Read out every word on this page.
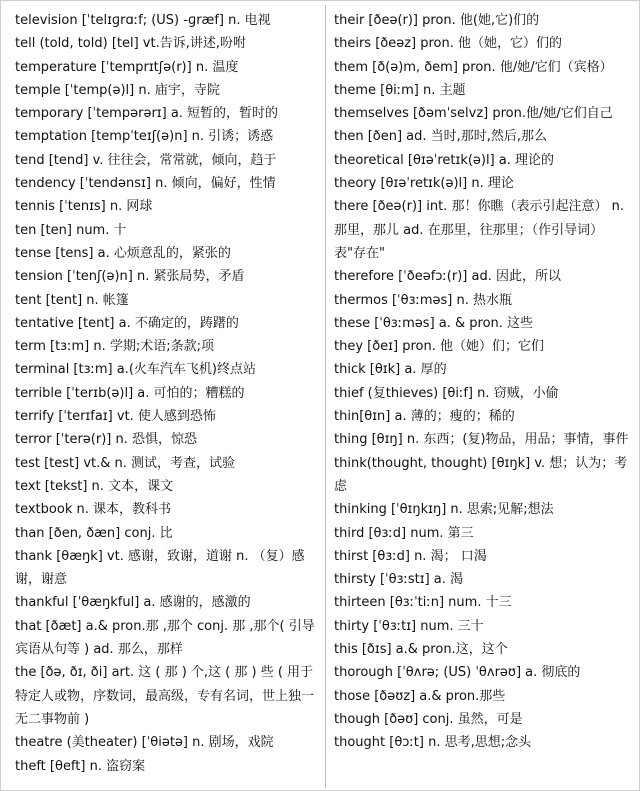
television [ˈtelɪɡrɑːf; (US) -ɡræf] n. 电视
tell (told, told) [tel] vt.告诉,讲述,吩咐
temperature [ˈtemprɪtʃə(r)] n. 温度
temple [ˈtemp(ə)l] n. 庙宇，寺院
temporary [ˈtempərərɪ] a. 短暂的，暂时的
temptation [tempˈteɪʃ(ə)n] n. 引诱；诱惑
tend [tend] v. 往往会，常常就，倾向，趋于
tendency [ˈtendənsɪ] n. 倾向，偏好，性情
tennis [ˈtenɪs] n. 网球
ten [ten] num. 十
tense [tens] a. 心烦意乱的，紧张的
tension [ˈtenʃ(ə)n] n. 紧张局势，矛盾
tent [tent] n. 帐篷
tentative [tent] a. 不确定的，踌躇的
term [tɜːm] n. 学期;术语;条款;项
terminal [tɜːm] a.(火车汽车飞机)终点站
terrible [ˈterɪb(ə)l] a. 可怕的；糟糕的
terrify [ˈterɪfaɪ] vt. 使人感到恐怖
terror [ˈterə(r)] n. 恐惧，惊恐
test [test] vt.& n. 测试，考查，试验
text [tekst] n. 文本，课文
textbook n. 课本，教科书
than [ðen, ðæn] conj. 比
thank [θæŋk] vt. 感谢，致谢，道谢 n. （复）感谢，谢意
thankful [ˈθæŋkful] a. 感谢的，感激的
that [ðæt] a.& pron.那 ,那个 conj. 那 ,那个( 引导宾语从句等 ) ad. 那么，那样
the [ðə, ðɪ, ði] art. 这 ( 那 ) 个,这 ( 那 ) 些 ( 用于特定人或物，序数词，最高级，专有名词，世上独一 无二事物前 )
theatre (美theater) [ˈθiətə] n. 剧场，戏院
theft [θeft] n. 盗窃案
their [ðeə(r)] pron. 他(她,它)们的
theirs [ðeəz] pron. 他（她，它）们的
them [ð(ə)m, ðem] pron. 他/她/它们（宾格）
theme [θiːm] n. 主题
themselves [ðəmˈselvz] pron.他/她/它们自己
then [ðen] ad. 当时,那时,然后,那么
theoretical [θɪəˈretɪk(ə)l] a. 理论的
theory [θɪəˈretɪk(ə)l] n. 理论
there [ðeə(r)] int. 那！你瞧（表示引起注意） n. 那里，那儿 ad. 在那里，往那里；（作引导词）表"存在"
therefore [ˈðeəfɔː(r)] ad. 因此，所以
thermos [ˈθɜːməs] n. 热水瓶
these [ˈθɜːməs] a. & pron. 这些
they [ðeɪ] pron. 他（她）们；它们
thick [θɪk] a. 厚的
thief (复thieves) [θiːf] n. 窃贼，小偷
thin[θɪn] a. 薄的；瘦的；稀的
thing [θɪŋ] n. 东西；(复)物品，用品；事情，事件
think(thought, thought) [θɪŋk] v. 想；认为；考虑
thinking [ˈθɪŋkɪŋ] n. 思索;见解;想法
third [θɜːd] num. 第三
thirst [θɜːd] n. 渴； 口渴
thirsty [ˈθɜːstɪ] a. 渴
thirteen [θɜːˈtiːn] num. 十三
thirty [ˈθɜːtɪ] num. 三十
this [ðɪs] a.& pron.这，这个
thorough [ˈθʌrə; (US) ˈθʌrəʊ] a. 彻底的
those [ðəʊz] a.& pron.那些
though [ðəʊ] conj. 虽然，可是
thought [θɔːt] n. 思考,思想;念头
